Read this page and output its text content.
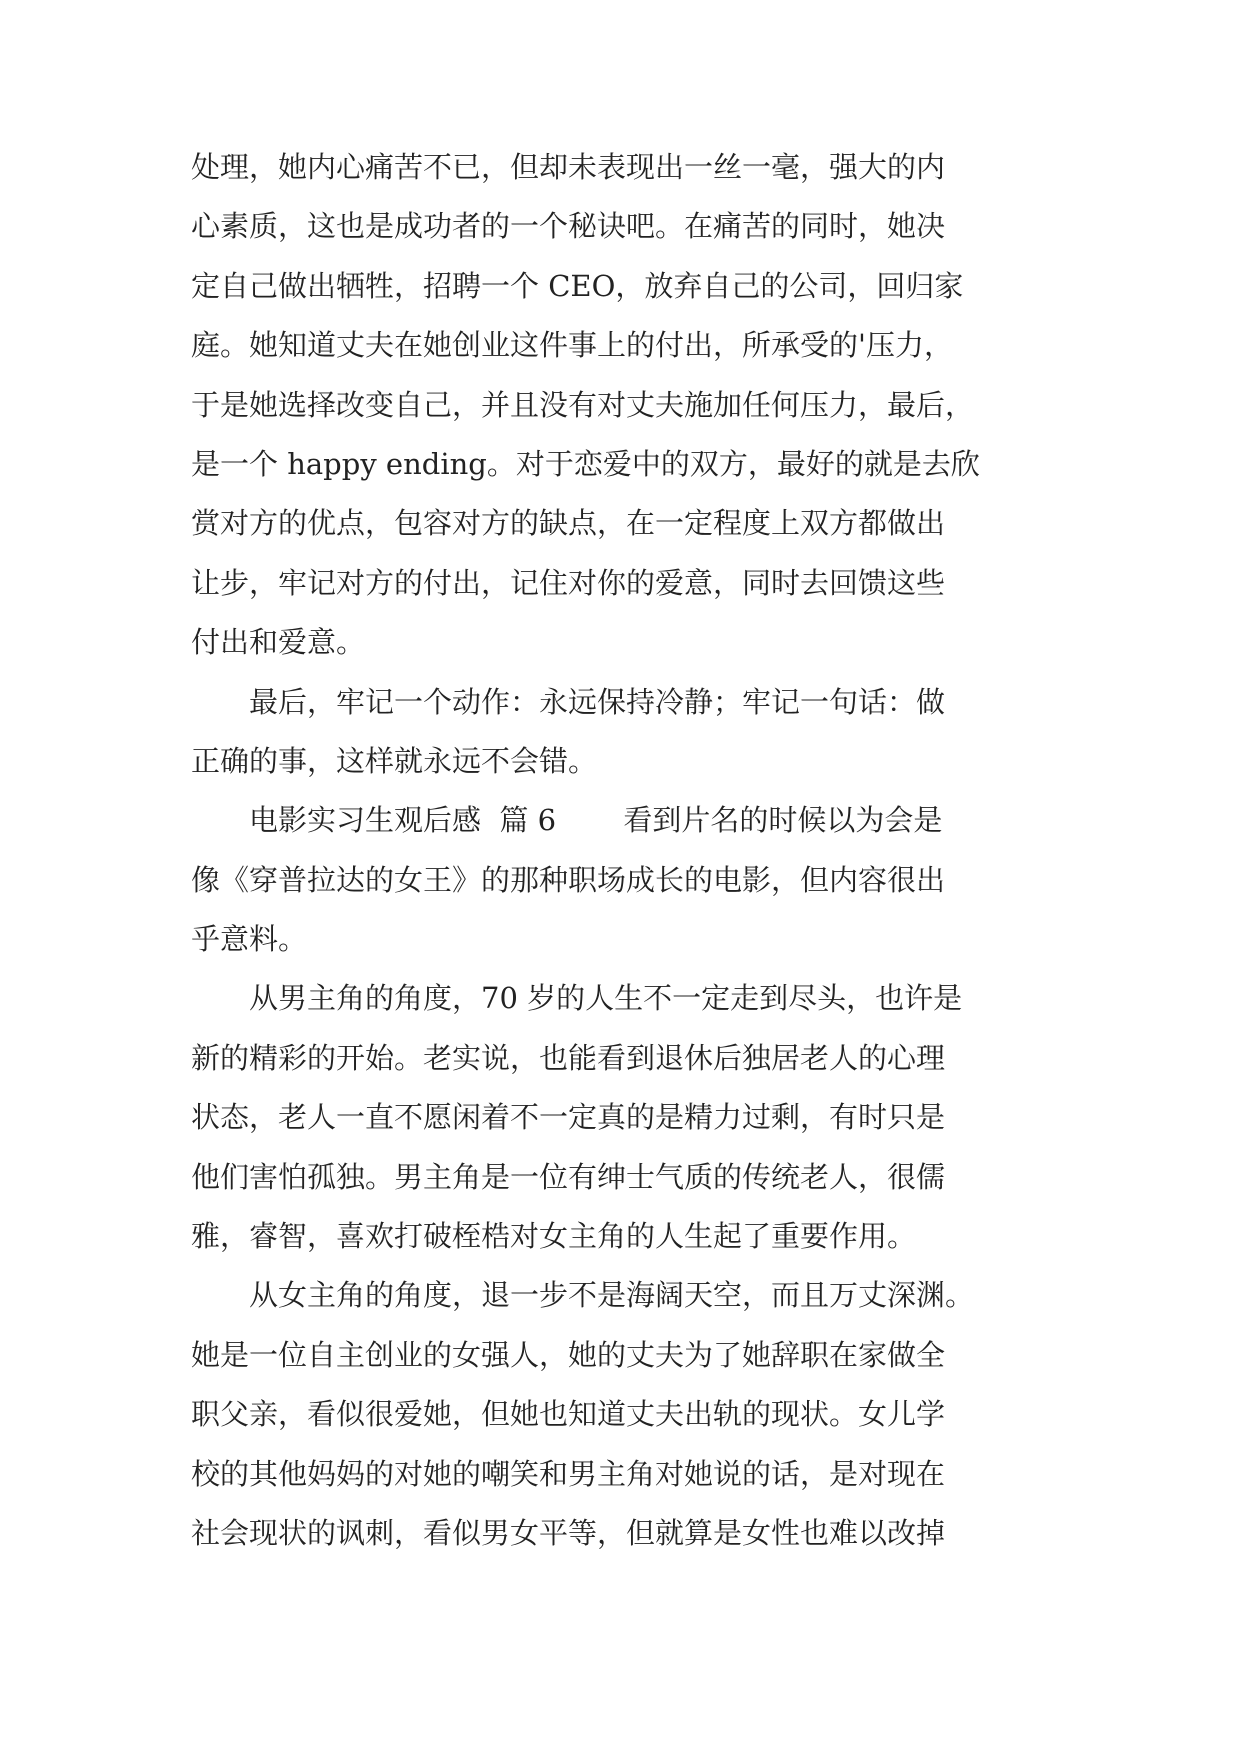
处理，她内心痛苦不已，但却未表现出一丝一毫，强大的内
心素质，这也是成功者的一个秘诀吧。在痛苦的同时，她决
定自己做出牺牲，招聘一个 CEO，放弃自己的公司，回归家
庭。她知道丈夫在她创业这件事上的付出，所承受的'压力，
于是她选择改变自己，并且没有对丈夫施加任何压力，最后，
是一个 happy ending。对于恋爱中的双方，最好的就是去欣
赏对方的优点，包容对方的缺点，在一定程度上双方都做出
让步，牢记对方的付出，记住对你的爱意，同时去回馈这些
付出和爱意。
　　最后，牢记一个动作：永远保持冷静；牢记一句话：做
正确的事，这样就永远不会错。
　　电影实习生观后感  篇 6 　　看到片名的时候以为会是
像《穿普拉达的女王》的那种职场成长的电影，但内容很出
乎意料。
　　从男主角的角度，70 岁的人生不一定走到尽头，也许是
新的精彩的开始。老实说，也能看到退休后独居老人的心理
状态，老人一直不愿闲着不一定真的是精力过剩，有时只是
他们害怕孤独。男主角是一位有绅士气质的传统老人，很儒
雅，睿智，喜欢打破桎梏对女主角的人生起了重要作用。
　　从女主角的角度，退一步不是海阔天空，而且万丈深渊。
她是一位自主创业的女强人，她的丈夫为了她辞职在家做全
职父亲，看似很爱她，但她也知道丈夫出轨的现状。女儿学
校的其他妈妈的对她的嘲笑和男主角对她说的话，是对现在
社会现状的讽刺，看似男女平等，但就算是女性也难以改掉
